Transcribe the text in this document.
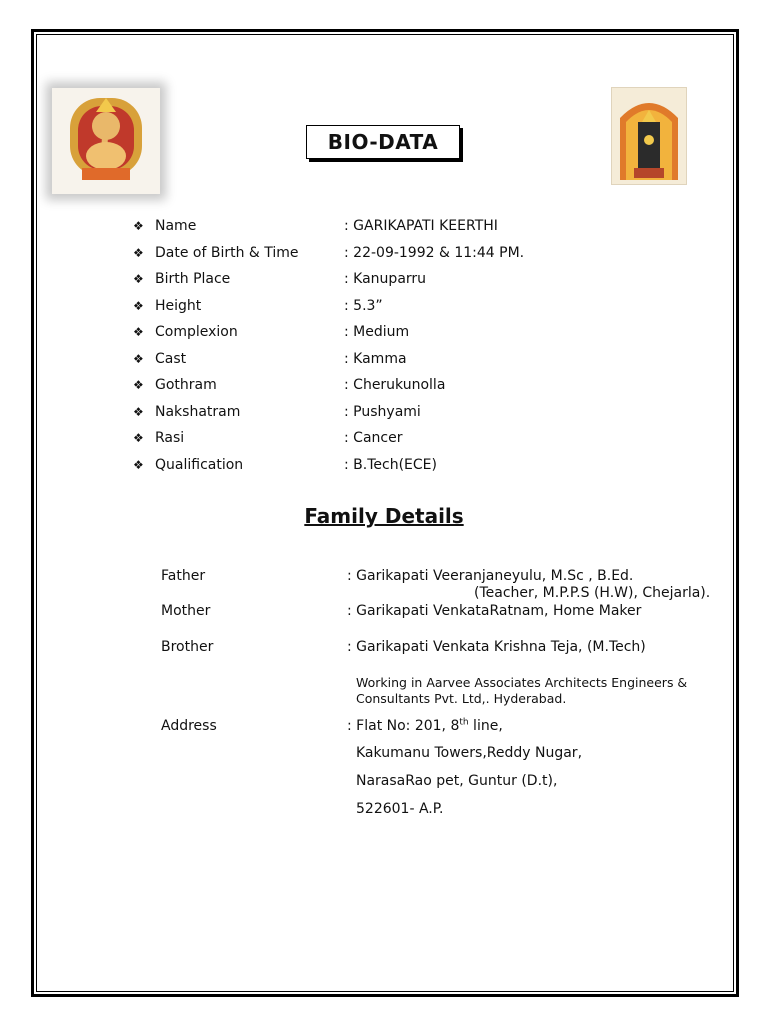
BIO-DATA
❖ Name	: GARIKAPATI KEERTHI
❖ Date of Birth & Time	: 22-09-1992 & 11:44 PM.
❖ Birth Place	: Kanuparru
❖ Height	: 5.3”
❖ Complexion	: Medium
❖ Cast	: Kamma
❖ Gothram	: Cherukunolla
❖ Nakshatram	: Pushyami
❖ Rasi	: Cancer
❖ Qualification	: B.Tech(ECE)
Family Details
Father	: Garikapati Veeranjaneyulu, M.Sc , B.Ed.
(Teacher, M.P.P.S (H.W), Chejarla).
Mother	: Garikapati VenkataRatnam, Home Maker
Brother	: Garikapati Venkata Krishna Teja, (M.Tech)
Working in Aarvee Associates Architects Engineers &
Consultants Pvt. Ltd,. Hyderabad.
Address	: Flat No: 201, 8th line,
Kakumanu Towers,Reddy Nugar,
NarasaRao pet, Guntur (D.t),
522601- A.P.
